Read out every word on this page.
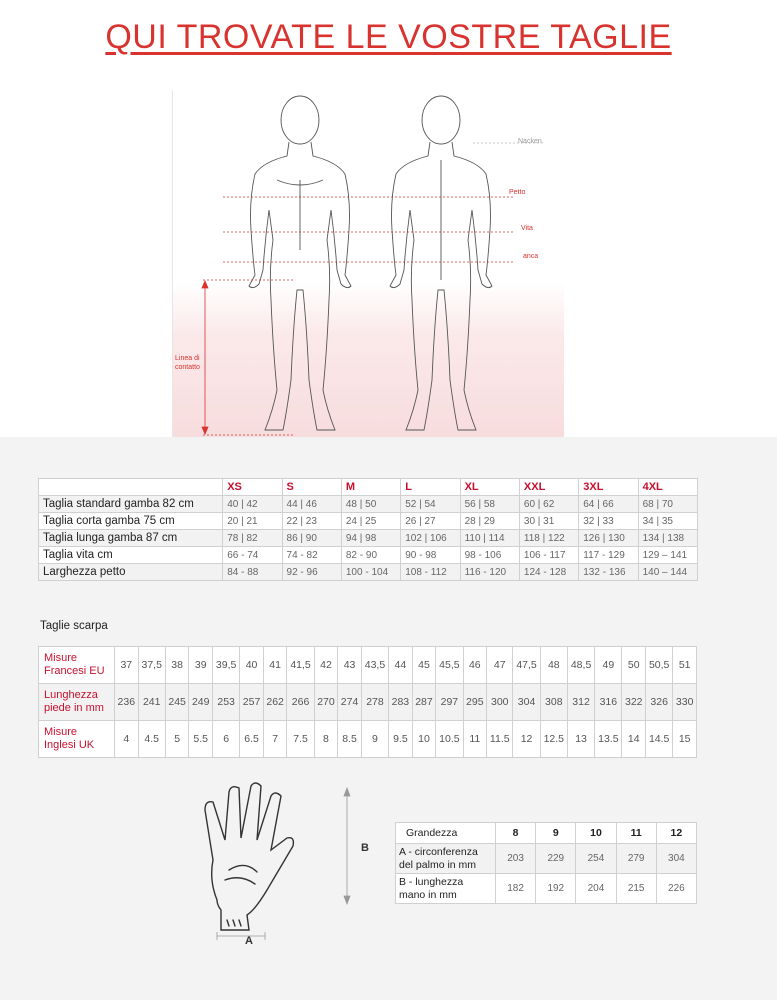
QUI TROVATE LE VOSTRE TAGLIE
Nacken
Petto
Vita
anca
Linea di
contatto
	XS	S	M	L	XL	XXL	3XL	4XL
Taglia standard gamba 82 cm	40 | 42	44 | 46	48 | 50	52 | 54	56 | 58	60 | 62	64 | 66	68 | 70
Taglia corta gamba 75 cm	20 | 21	22 | 23	24 | 25	26 | 27	28 | 29	30 | 31	32 | 33	34 | 35
Taglia lunga gamba 87 cm	78 | 82	86 | 90	94 | 98	102 | 106	110 | 114	118 | 122	126 | 130	134 | 138
Taglia vita cm	66 - 74	74 - 82	82 - 90	90 - 98	98 - 106	106 - 117	117 - 129	129 – 141
Larghezza petto	84 - 88	92 - 96	100 - 104	108 - 112	116 - 120	124 - 128	132 - 136	140 – 144
Taglie scarpa
Misure
Francesi EU	37	37,5	38	39	39,5	40	41	41,5	42	43	43,5	44	45	45,5	46	47	47,5	48	48,5	49	50	50,5	51
Lunghezza
piede in mm	236	241	245	249	253	257	262	266	270	274	278	283	287	297	295	300	304	308	312	316	322	326	330
Misure
Inglesi UK	4	4.5	5	5.5	6	6.5	7	7.5	8	8.5	9	9.5	10	10.5	11	11.5	12	12.5	13	13.5	14	14.5	15
B
A
Grandezza	8	9	10	11	12
A - circonferenza
del palmo in mm	203	229	254	279	304
B - lunghezza
mano in mm	182	192	204	215	226
